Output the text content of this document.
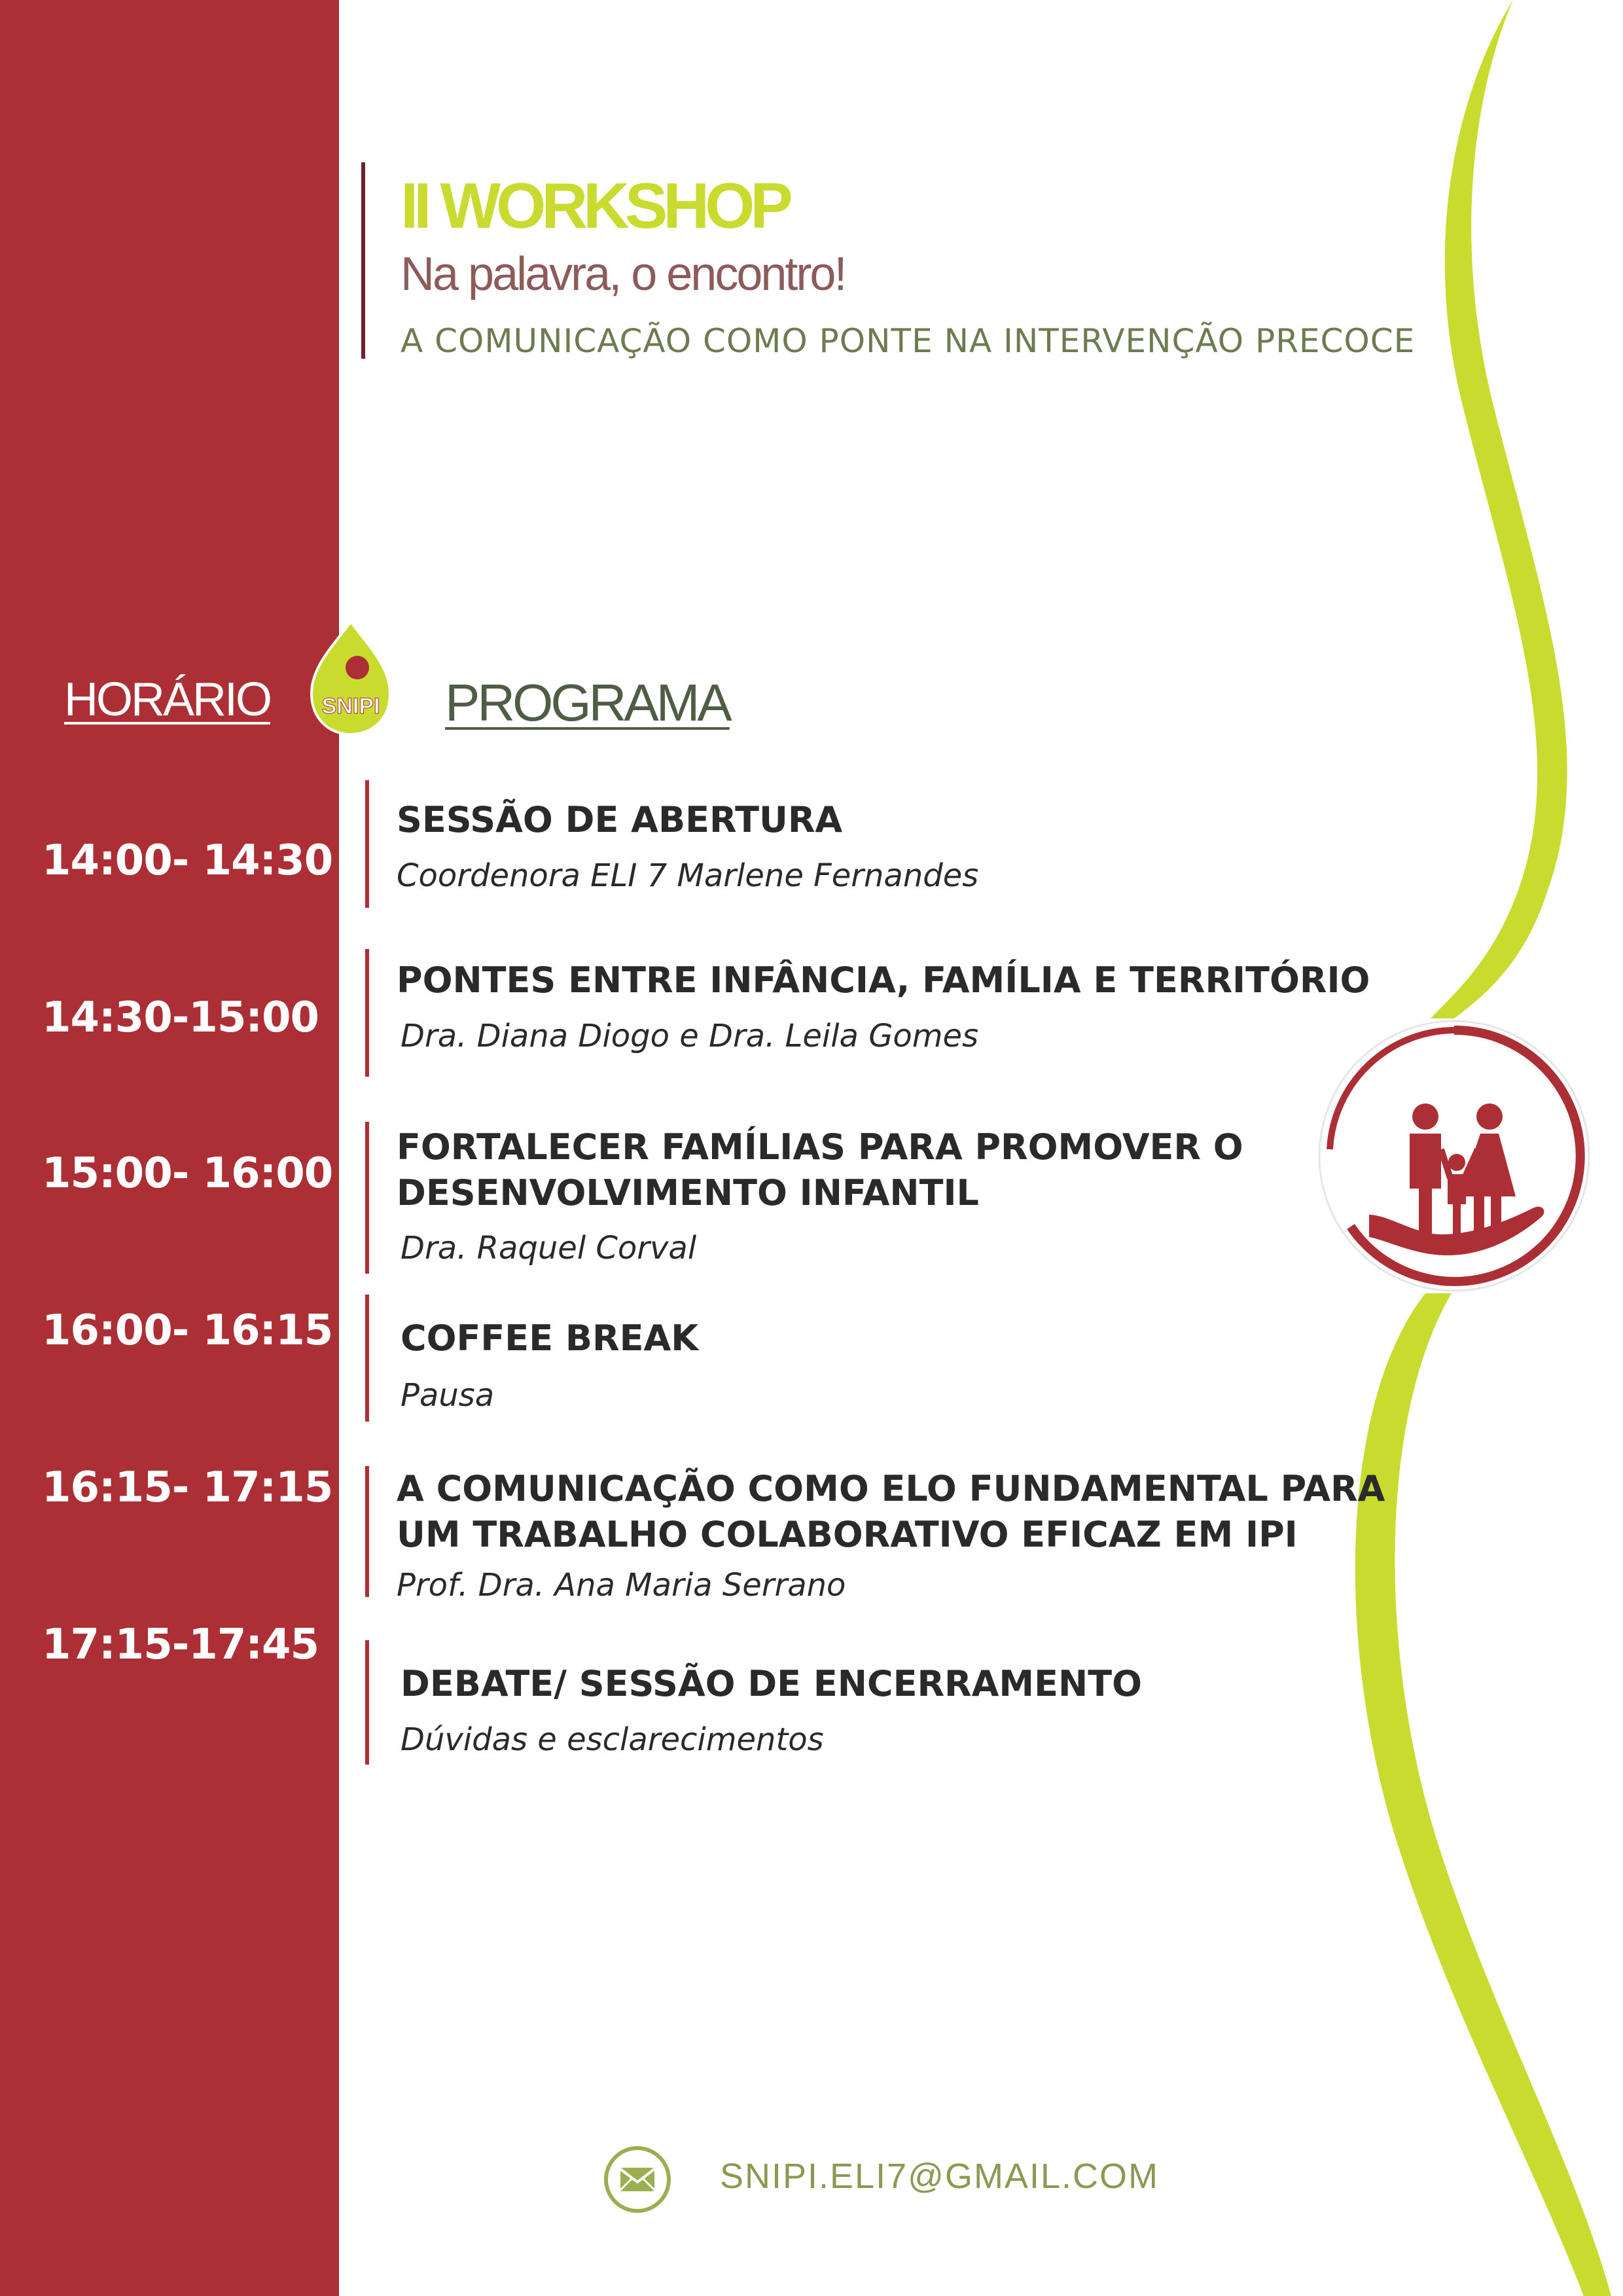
II WORKSHOP
Na palavra, o encontro!
A COMUNICAÇÃO COMO PONTE NA INTERVENÇÃO PRECOCE
HORÁRIO	PROGRAMA
SNIPI
14:00- 14:30
SESSÃO DE ABERTURA
Coordenora ELI 7 Marlene Fernandes
14:30-15:00
PONTES ENTRE INFÂNCIA, FAMÍLIA E TERRITÓRIO
Dra. Diana Diogo e Dra. Leila Gomes
15:00- 16:00
FORTALECER FAMÍLIAS PARA PROMOVER O
DESENVOLVIMENTO INFANTIL
Dra. Raquel Corval
16:00- 16:15 COFFEE BREAK
Pausa
16:15- 17:15 A COMUNICAÇÃO COMO ELO FUNDAMENTAL PARA
UM TRABALHO COLABORATIVO EFICAZ EM IPI
Prof. Dra. Ana Maria Serrano
17:15-17:45
DEBATE/ SESSÃO DE ENCERRAMENTO
Dúvidas e esclarecimentos
SNIPI.ELI7@GMAIL.COM
